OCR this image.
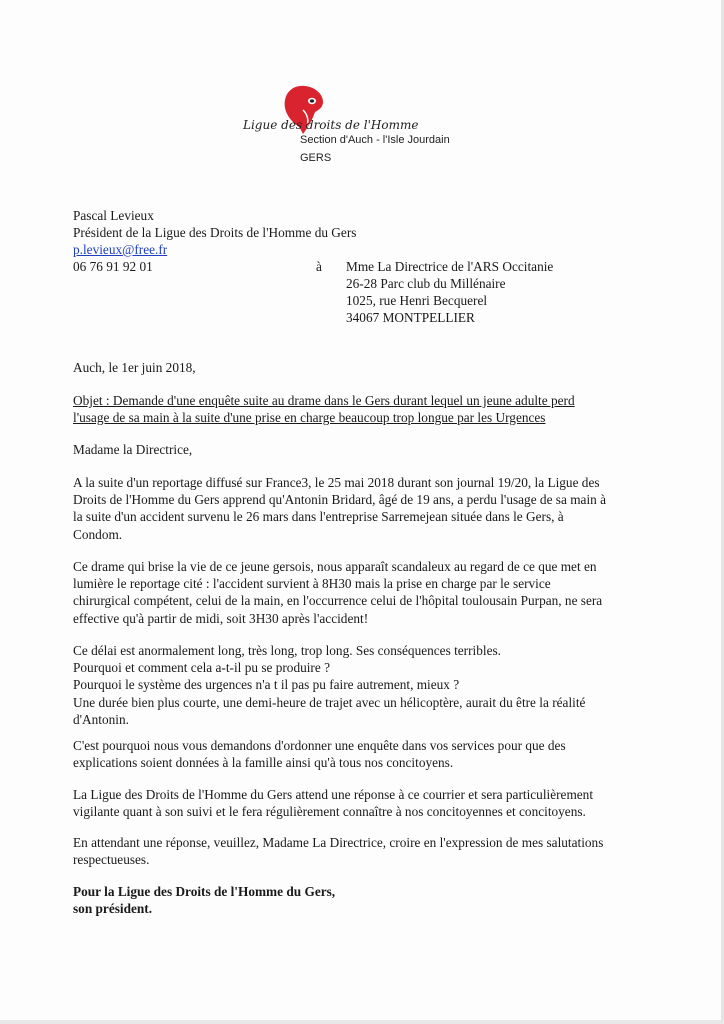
Ligue des droits de l'Homme
Section d'Auch - l'Isle Jourdain
GERS
Pascal Levieux
Président de la Ligue des Droits de l'Homme du Gers
p.levieux@free.fr
06 76 91 92 01	à Mme La Directrice de l'ARS Occitanie
26-28 Parc club du Millénaire
1025, rue Henri Becquerel
34067 MONTPELLIER
Auch, le 1er juin 2018,
Objet : Demande d'une enquête suite au drame dans le Gers durant lequel un jeune adulte perd
l'usage de sa main à la suite d'une prise en charge beaucoup trop longue par les Urgences
Madame la Directrice,
A la suite d'un reportage diffusé sur France3, le 25 mai 2018 durant son journal 19/20, la Ligue des
Droits de l'Homme du Gers apprend qu'Antonin Bridard, âgé de 19 ans, a perdu l'usage de sa main à
la suite d'un accident survenu le 26 mars dans l'entreprise Sarremejean située dans le Gers, à
Condom.
Ce drame qui brise la vie de ce jeune gersois, nous apparaît scandaleux au regard de ce que met en
lumière le reportage cité : l'accident survient à 8H30 mais la prise en charge par le service
chirurgical compétent, celui de la main, en l'occurrence celui de l'hôpital toulousain Purpan, ne sera
effective qu'à partir de midi, soit 3H30 après l'accident!
Ce délai est anormalement long, très long, trop long. Ses conséquences terribles.
Pourquoi et comment cela a-t-il pu se produire ?
Pourquoi le système des urgences n'a t il pas pu faire autrement, mieux ?
Une durée bien plus courte, une demi-heure de trajet avec un hélicoptère, aurait du être la réalité
d'Antonin.
C'est pourquoi nous vous demandons d'ordonner une enquête dans vos services pour que des
explications soient données à la famille ainsi qu'à tous nos concitoyens.
La Ligue des Droits de l'Homme du Gers attend une réponse à ce courrier et sera particulièrement
vigilante quant à son suivi et le fera régulièrement connaître à nos concitoyennes et concitoyens.
En attendant une réponse, veuillez, Madame La Directrice, croire en l'expression de mes salutations
respectueuses.
Pour la Ligue des Droits de l'Homme du Gers,
son président.
